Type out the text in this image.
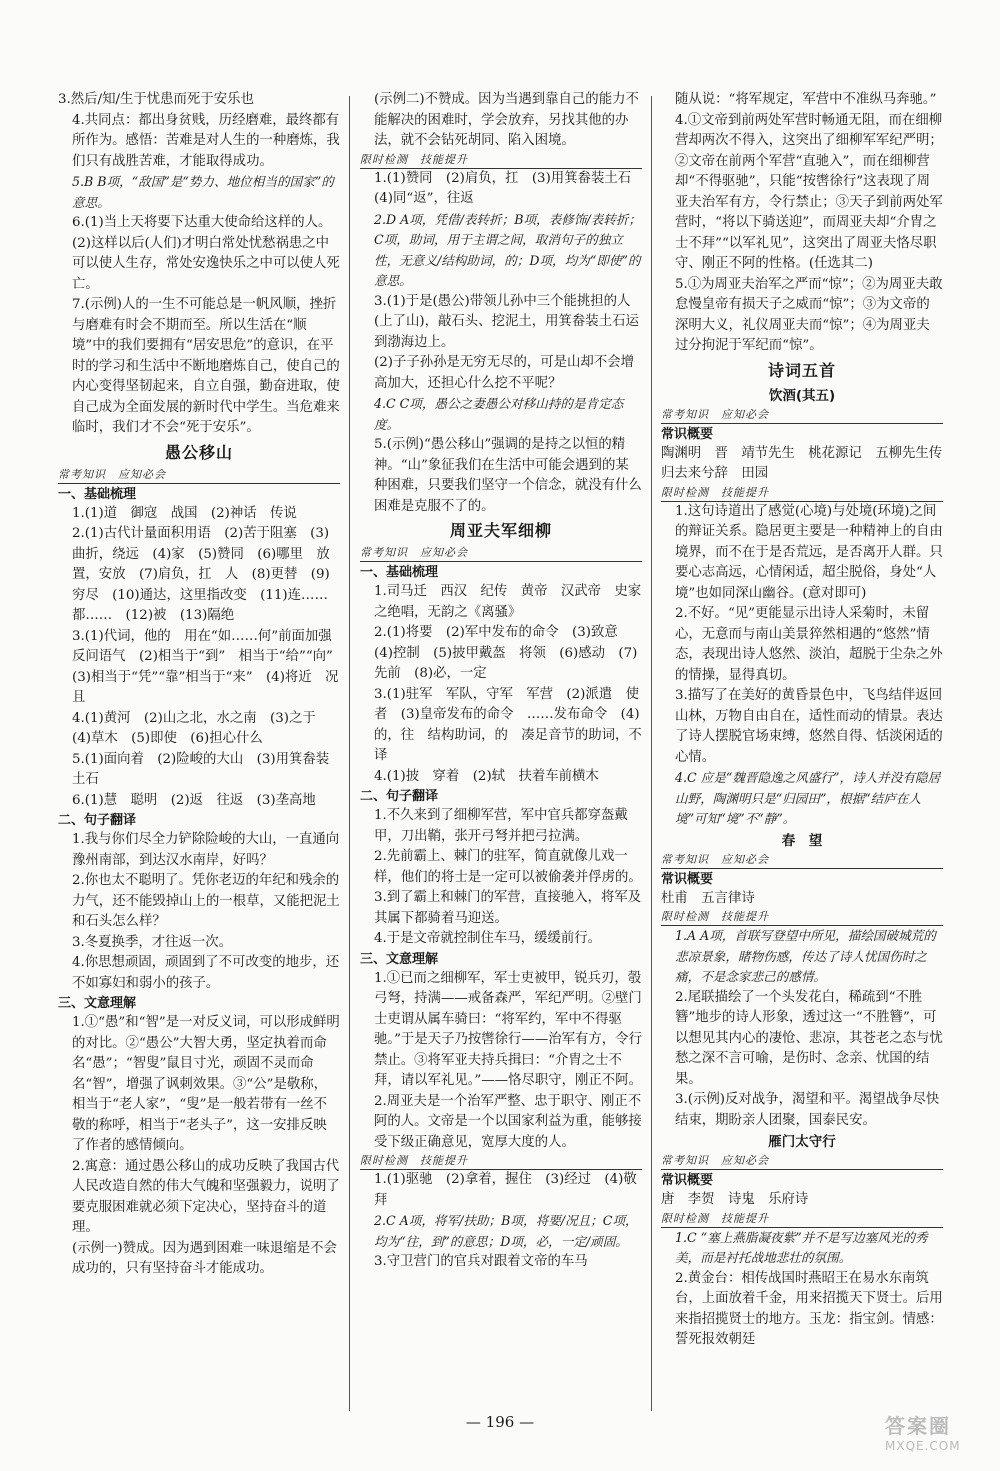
3.然后/知/生于忧患而死于安乐也

4.共同点：都出身贫贱，历经磨难，最终都有所作为。感悟：苦难是对人生的一种磨炼，我们只有战胜苦难，才能取得成功。

5.B B项，“敌国”是“势力、地位相当的国家”的意思。

6.(1)当上天将要下达重大使命给这样的人。

(2)这样以后(人们)才明白常处忧愁祸患之中可以使人生存，常处安逸快乐之中可以使人死亡。

7.(示例)人的一生不可能总是一帆风顺，挫折与磨难有时会不期而至。所以生活在“顺境”中的我们要拥有“居安思危”的意识，在平时的学习和生活中不断地磨炼自己，使自己的内心变得坚韧起来，自立自强，勤奋进取，使自己成为全面发展的新时代中学生。当危难来临时，我们才不会“死于安乐”。

愚公移山
常考知识　应知必会
一、基础梳理

1.(1)道　御寇　战国　(2)神话　传说

2.(1)古代计量面积用语　(2)苦于阻塞　(3)曲折，绕远　(4)家　(5)赞同　(6)哪里　放置，安放　(7)肩负，扛　人　(8)更替　(9)穷尽　(10)通达，这里指改变　(11)连……都……　(12)被　(13)隔绝

3.(1)代词，他的　用在“如……何”前面加强反问语气　(2)相当于“到”　相当于“给”“向”　(3)相当于“凭”“靠”相当于“来”　(4)将近　况且

4.(1)黄河　(2)山之北，水之南　(3)之于　(4)草木　(5)即使　(6)担心什么

5.(1)面向着　(2)险峻的大山　(3)用箕畚装土石

6.(1)慧　聪明　(2)返　往返　(3)垄高地

二、句子翻译

1.我与你们尽全力铲除险峻的大山，一直通向豫州南部，到达汉水南岸，好吗？

2.你也太不聪明了。凭你老迈的年纪和残余的力气，还不能毁掉山上的一根草，又能把泥土和石头怎么样？

3.冬夏换季，才往返一次。

4.你思想顽固，顽固到了不可改变的地步，还不如寡妇和弱小的孩子。

三、文意理解

1.①“愚”和“智”是一对反义词，可以形成鲜明的对比。②“愚公”大智大勇，坚定执着而命名“愚”；“智叟”鼠目寸光，顽固不灵而命名“智”，增强了讽刺效果。③“公”是敬称，相当于“老人家”，“叟”是一般若带有一丝不敬的称呼，相当于“老头子”，这一安排反映了作者的感情倾向。

2.寓意：通过愚公移山的成功反映了我国古代人民改造自然的伟大气魄和坚强毅力，说明了要克服困难就必须下定决心，坚持奋斗的道理。

(示例一)赞成。因为遇到困难一味退缩是不会成功的，只有坚持奋斗才能成功。

(示例二)不赞成。因为当遇到靠自己的能力不能解决的困难时，学会放弃，另找其他的办法，就不会钻死胡同、陷入困境。

限时检测　技能提升

1.(1)赞同　(2)肩负，扛　(3)用箕畚装土石　(4)同“返”，往返

2.D A项，凭借/表转折；B项，表修饰/表转折；C项，助词，用于主谓之间，取消句子的独立性，无意义/结构助词，的；D项，均为“即使”的意思。

3.(1)于是(愚公)带领儿孙中三个能挑担的人(上了山)，敲石头、挖泥土，用箕畚装土石运到渤海边上。

(2)子子孙孙是无穷无尽的，可是山却不会增高加大，还担心什么挖不平呢？

4.C C项，愚公之妻愚公对移山持的是肯定态度。

5.(示例)“愚公移山”强调的是持之以恒的精神。“山”象征我们在生活中可能会遇到的某种困难，只要我们坚守一个信念，就没有什么困难是克服不了的。

周亚夫军细柳
常考知识　应知必会
一、基础梳理

1.司马迁　西汉　纪传　黄帝　汉武帝　史家之绝唱，无韵之《离骚》

2.(1)将要　(2)军中发布的命令　(3)致意　(4)控制　(5)披甲戴盔　将领　(6)感动　(7)先前　(8)必，一定

3.(1)驻军　军队，守军　军营　(2)派遣　使者　(3)皇帝发布的命令　……发布命令　(4)的，往　结构助词，的　凑足音节的助词，不译

4.(1)披　穿着　(2)轼　扶着车前横木

二、句子翻译

1.不久来到了细柳军营，军中官兵都穿盔戴甲，刀出鞘，张开弓弩并把弓拉满。

2.先前霸上、棘门的驻军，简直就像儿戏一样，他们的将士是一定可以被偷袭并俘虏的。

3.到了霸上和棘门的军营，直接驰入，将军及其属下都骑着马迎送。

4.于是文帝就控制住车马，缓缓前行。

三、文意理解

1.①已而之细柳军，军士吏被甲，锐兵刃，彀弓弩，持满——戒备森严，军纪严明。②壁门士吏谓从属车骑曰：“将军约，军中不得驱驰。”于是天子乃按辔徐行——治军有方，令行禁止。③将军亚夫持兵揖曰：“介胄之士不拜，请以军礼见。”——恪尽职守，刚正不阿。

2.周亚夫是一个治军严整、忠于职守、刚正不阿的人。文帝是一个以国家利益为重，能够接受下级正确意见，宽厚大度的人。

限时检测　技能提升

1.(1)驱驰　(2)拿着，握住　(3)经过　(4)敬拜

2.C A项，将军/扶助；B项，将要/况且；C项，均为“往，到”的意思；D项，必，一定/顽固。

3.守卫营门的官兵对跟着文帝的车马

随从说：“将军规定，军营中不准纵马奔驰。”

4.①文帝到前两处军营时畅通无阻，而在细柳营却两次不得入，这突出了细柳军军纪严明；②文帝在前两个军营“直驰入”，而在细柳营却“不得驱驰”，只能“按辔徐行”这表现了周亚夫治军有方，令行禁止；③天子到前两处军营时，“将以下骑送迎”，而周亚夫却“介胄之士不拜”“以军礼见”，这突出了周亚夫恪尽职守、刚正不阿的性格。(任选其二)

5.①为周亚夫治军之严而“惊”；②为周亚夫敢怠慢皇帝有损天子之威而“惊”；③为文帝的深明大义，礼仪周亚夫而“惊”；④为周亚夫过分拘泥于军纪而“惊”。

诗词五首
饮酒(其五)
常考知识　应知必会
常识概要

陶渊明　晋　靖节先生　桃花源记　五柳先生传　归去来兮辞　田园

限时检测　技能提升

1.这句诗道出了感觉(心境)与处境(环境)之间的辩证关系。隐居更主要是一种精神上的自由境界，而不在于是否荒远，是否离开人群。只要心志高远，心情闲适，超尘脱俗，身处“人境”也如同深山幽谷。(意对即可)

2.不好。“见”更能显示出诗人采菊时，未留心，无意而与南山美景猝然相遇的“悠然”情态，表现出诗人悠然、淡泊，超脱于尘杂之外的情操，显得真切。

3.描写了在美好的黄昏景色中，飞鸟结伴返回山林，万物自由自在，适性而动的情景。表达了诗人摆脱官场束缚，悠然自得、恬淡闲适的心情。

4.C 应是“魏晋隐逸之风盛行”，诗人并没有隐居山野，陶渊明只是“归园田”，根据“结庐在人境”可知“境”不“静”。

春　望
常考知识　应知必会
常识概要

杜甫　五言律诗

限时检测　技能提升

1.A A项，首联写登望中所见，描绘国破城荒的悲凉景象，睹物伤感，传达了诗人忧国伤时之痛，不是念家悲己的感情。

2.尾联描绘了一个头发花白，稀疏到“不胜簪”地步的诗人形象，透过这一“不胜簪”，可以想见其内心的凄怆、悲凉，其苍老之态与忧愁之深不言可喻，是伤时、念亲、忧国的结果。

3.(示例)反对战争，渴望和平。渴望战争尽快结束，期盼亲人团聚，国泰民安。

雁门太守行
常考知识　应知必会
常识概要

唐　李贺　诗鬼　乐府诗

限时检测　技能提升

1.C “塞上燕脂凝夜紫”并不是写边塞风光的秀美，而是衬托战地悲壮的氛围。

2.黄金台：相传战国时燕昭王在易水东南筑台，上面放着千金，用来招揽天下贤士。后用来指招揽贤士的地方。玉龙：指宝剑。情感：誓死报效朝廷

— 196 —	答案圈
MXQE.COM
